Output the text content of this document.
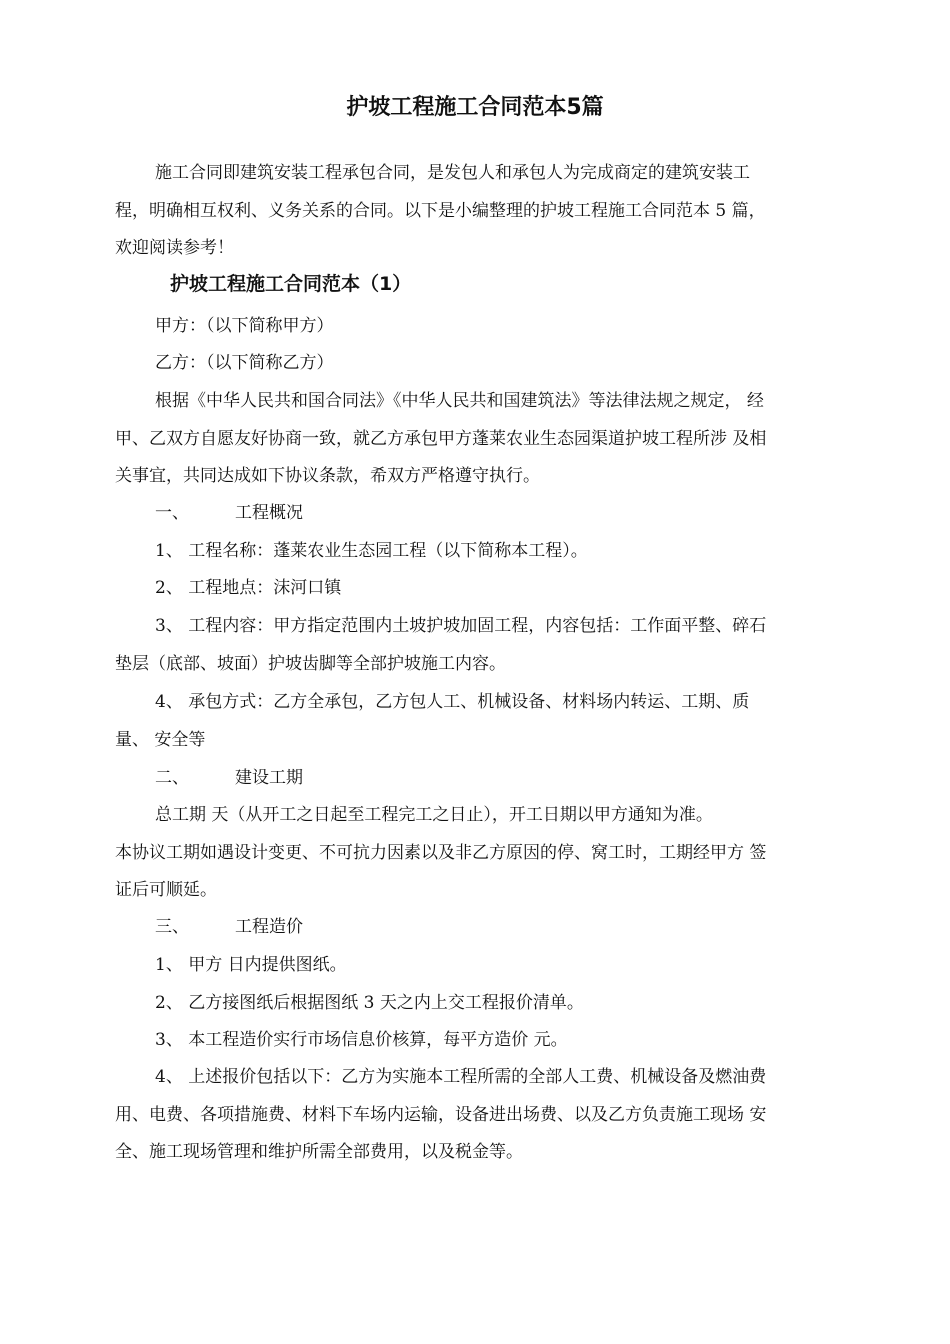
护坡工程施工合同范本5篇
施工合同即建筑安装工程承包合同，是发包人和承包人为完成商定的建筑安装工
程，明确相互权利、义务关系的合同。以下是小编整理的护坡工程施工合同范本 5 篇，
欢迎阅读参考！
护坡工程施工合同范本（1）
甲方：（以下简称甲方）
乙方：（以下简称乙方）
根据《中华人民共和国合同法》《中华人民共和国建筑法》等法律法规之规定， 经
甲、乙双方自愿友好协商一致，就乙方承包甲方蓬莱农业生态园渠道护坡工程所涉 及相
关事宜，共同达成如下协议条款，希双方严格遵守执行。
一、	工程概况
1、 工程名称：蓬莱农业生态园工程（以下简称本工程）。
2、 工程地点：沫河口镇
3、 工程内容：甲方指定范围内土坡护坡加固工程，内容包括：工作面平整、碎石
垫层（底部、坡面）护坡齿脚等全部护坡施工内容。
4、 承包方式：乙方全承包，乙方包人工、机械设备、材料场内转运、工期、质
量、 安全等
二、	建设工期
总工期 天（从开工之日起至工程完工之日止），开工日期以甲方通知为准。
本协议工期如遇设计变更、不可抗力因素以及非乙方原因的停、窝工时，工期经甲方 签
证后可顺延。
三、	工程造价
1、 甲方 日内提供图纸。
2、 乙方接图纸后根据图纸 3 天之内上交工程报价清单。
3、 本工程造价实行市场信息价核算，每平方造价 元。
4、 上述报价包括以下：乙方为实施本工程所需的全部人工费、机械设备及燃油费
用、电费、各项措施费、材料下车场内运输，设备进出场费、以及乙方负责施工现场 安
全、施工现场管理和维护所需全部费用，以及税金等。
